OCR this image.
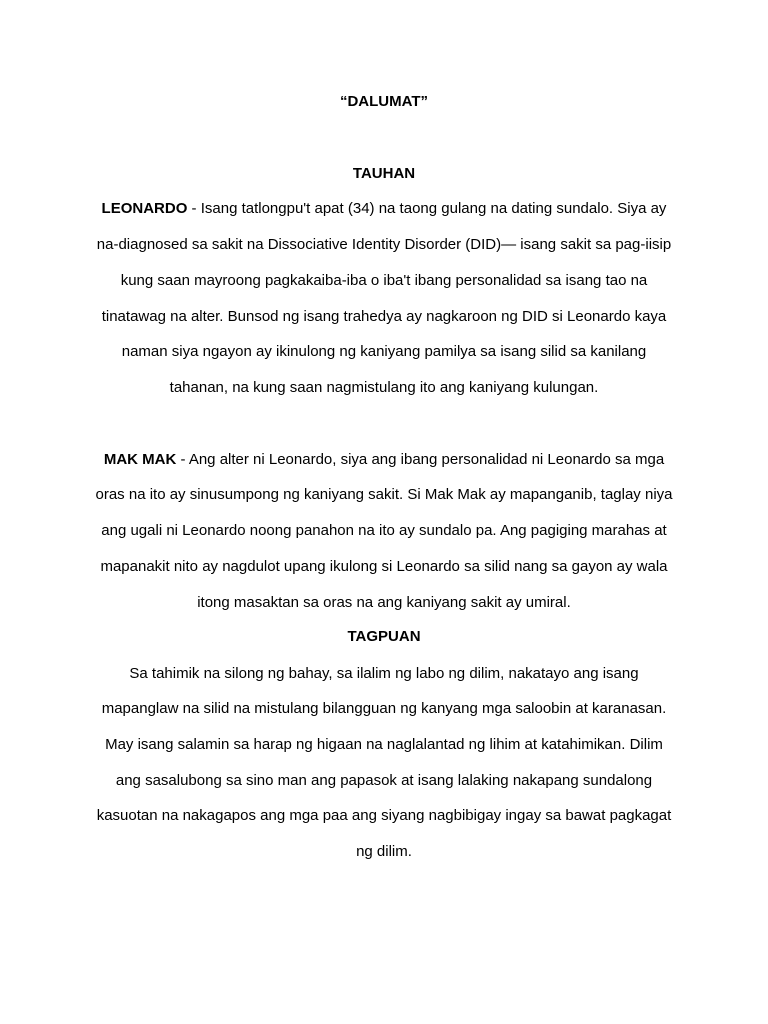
“DALUMAT”
TAUHAN
LEONARDO - Isang tatlongpu't apat (34) na taong gulang na dating sundalo. Siya ay
na-diagnosed sa sakit na Dissociative Identity Disorder (DID)— isang sakit sa pag-iisip
kung saan mayroong pagkakaiba-iba o iba't ibang personalidad sa isang tao na
tinatawag na alter. Bunsod ng isang trahedya ay nagkaroon ng DID si Leonardo kaya
naman siya ngayon ay ikinulong ng kaniyang pamilya sa isang silid sa kanilang
tahanan, na kung saan nagmistulang ito ang kaniyang kulungan.
MAK MAK - Ang alter ni Leonardo, siya ang ibang personalidad ni Leonardo sa mga
oras na ito ay sinusumpong ng kaniyang sakit. Si Mak Mak ay mapanganib, taglay niya
ang ugali ni Leonardo noong panahon na ito ay sundalo pa. Ang pagiging marahas at
mapanakit nito ay nagdulot upang ikulong si Leonardo sa silid nang sa gayon ay wala
itong masaktan sa oras na ang kaniyang sakit ay umiral.
TAGPUAN
Sa tahimik na silong ng bahay, sa ilalim ng labo ng dilim, nakatayo ang isang
mapanglaw na silid na mistulang bilangguan ng kanyang mga saloobin at karanasan.
May isang salamin sa harap ng higaan na naglalantad ng lihim at katahimikan. Dilim
ang sasalubong sa sino man ang papasok at isang lalaking nakapang sundalong
kasuotan na nakagapos ang mga paa ang siyang nagbibigay ingay sa bawat pagkagat
ng dilim.
